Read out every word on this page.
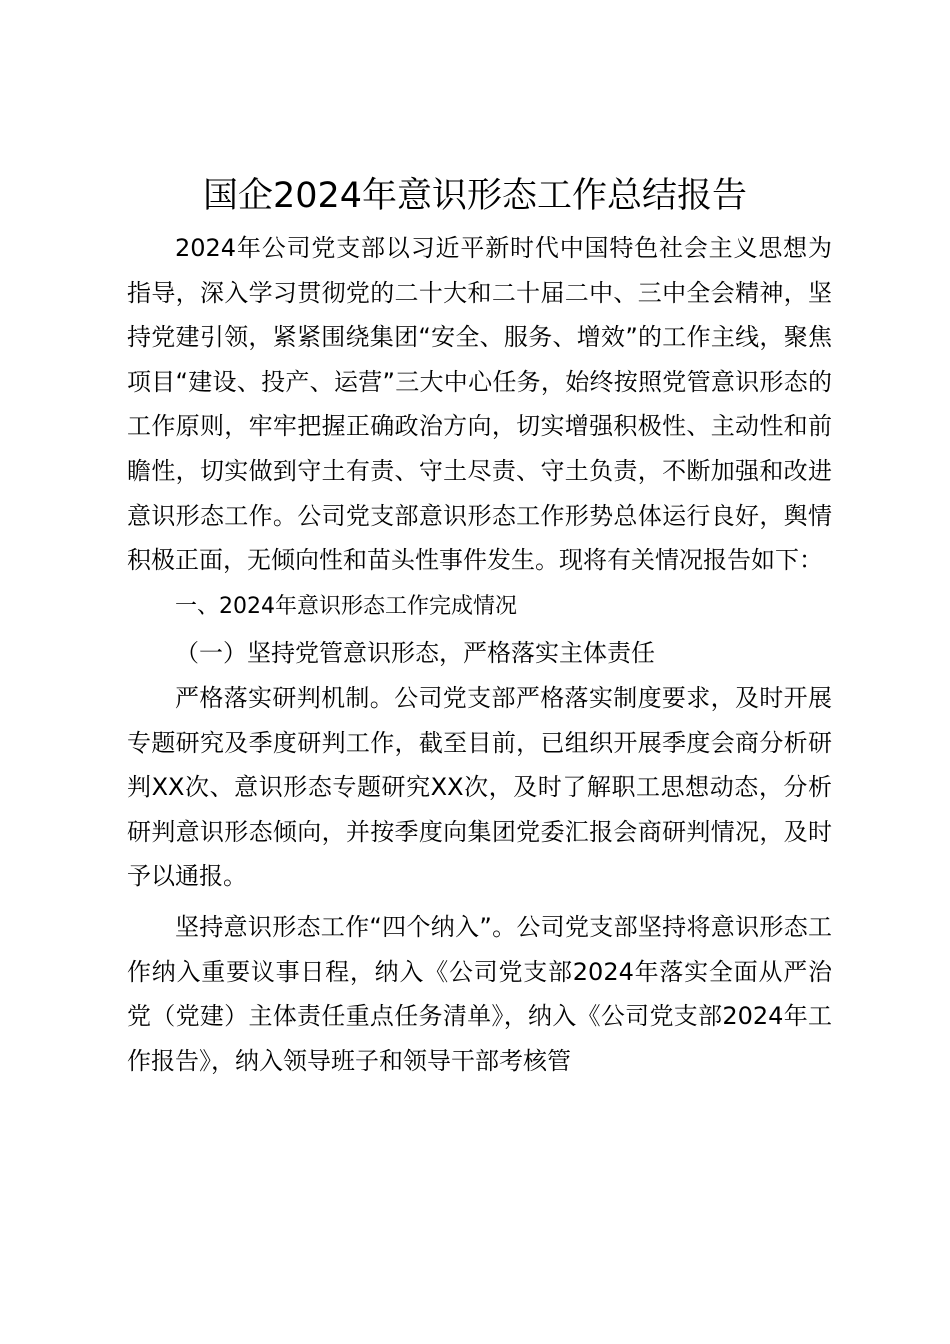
国企2024年意识形态工作总结报告

2024年公司党支部以习近平新时代中国特色社会主义思想为指导，深入学习贯彻党的二十大和二十届二中、三中全会精神，坚持党建引领，紧紧围绕集团“安全、服务、增效”的工作主线，聚焦项目“建设、投产、运营”三大中心任务，始终按照党管意识形态的工作原则，牢牢把握正确政治方向，切实增强积极性、主动性和前瞻性，切实做到守土有责、守土尽责、守土负责，不断加强和改进意识形态工作。公司党支部意识形态工作形势总体运行良好，舆情积极正面，无倾向性和苗头性事件发生。现将有关情况报告如下：

一、2024年意识形态工作完成情况

（一）坚持党管意识形态，严格落实主体责任

严格落实研判机制。公司党支部严格落实制度要求，及时开展专题研究及季度研判工作，截至目前，已组织开展季度会商分析研判XX次、意识形态专题研究XX次，及时了解职工思想动态，分析研判意识形态倾向，并按季度向集团党委汇报会商研判情况，及时予以通报。

坚持意识形态工作“四个纳入”。公司党支部坚持将意识形态工作纳入重要议事日程，纳入《公司党支部2024年落实全面从严治党（党建）主体责任重点任务清单》，纳入《公司党支部2024年工作报告》，纳入领导班子和领导干部考核管
